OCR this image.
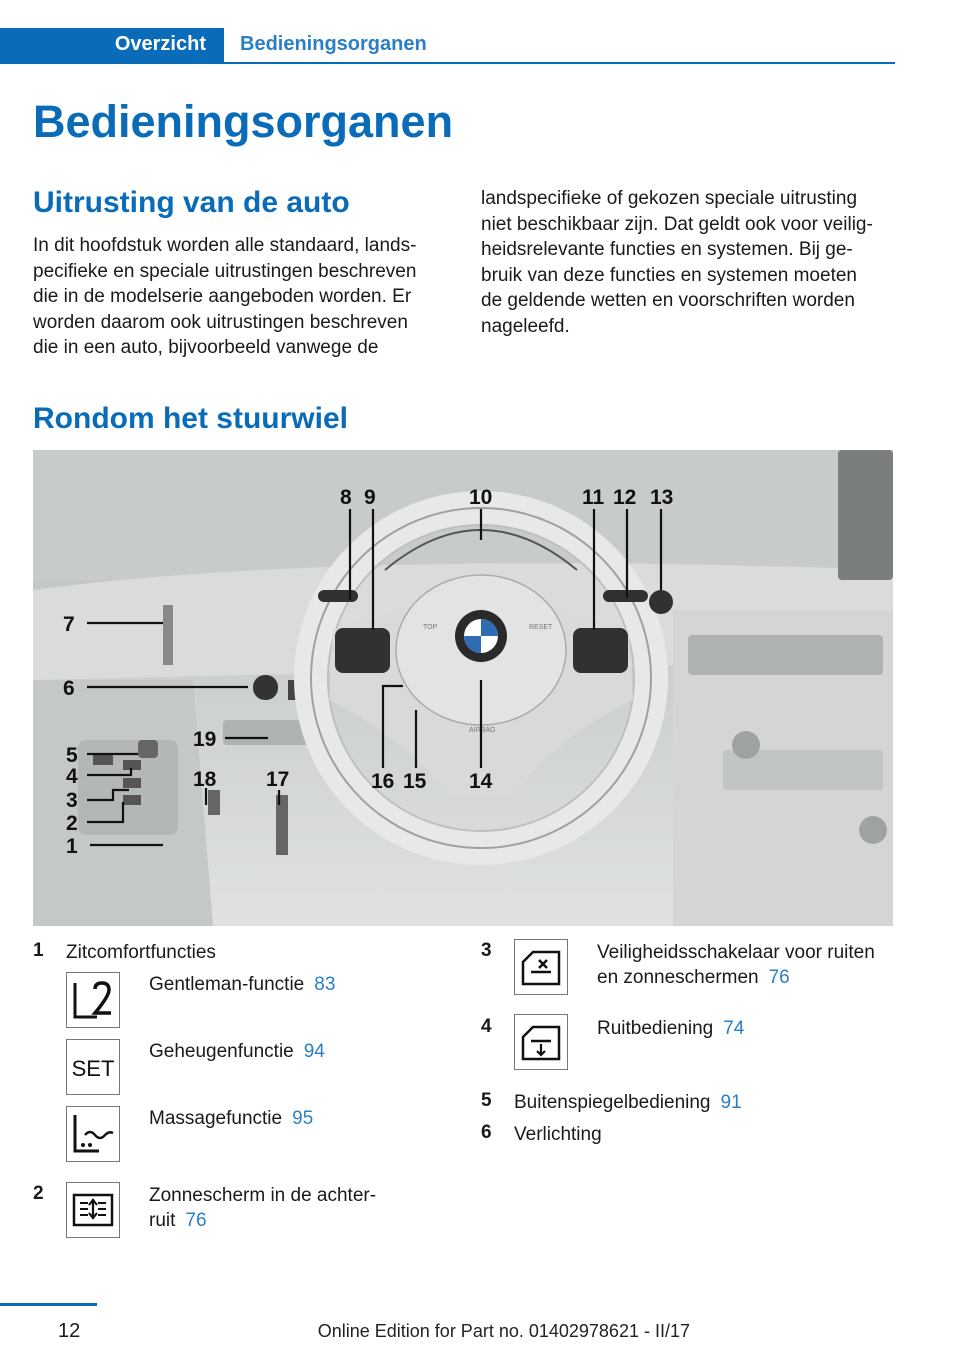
Overzicht Bedieningsorganen
Bedieningsorganen
Uitrusting van de auto
In dit hoofdstuk worden alle standaard, lands-
pecifieke en speciale uitrustingen beschreven
die in de modelserie aangeboden worden. Er
worden daarom ook uitrustingen beschreven
die in een auto, bijvoorbeeld vanwege de
landspecifieke of gekozen speciale uitrusting
niet beschikbaar zijn. Dat geldt ook voor veilig-
heidsrelevante functies en systemen. Bij ge-
bruik van deze functies en systemen moeten
de geldende wetten en voorschriften worden
nageleefd.
Rondom het stuurwiel
TOP	RESET
AIRBAG
1
2
3
4
5
6
7
8 9	10	11 12 13
14
15
16
17
18
19
1 Zitcomfortfuncties
Gentleman-functie 83
SET
Geheugenfunctie 94
Massagefunctie 95
2	Zonnescherm in de achter-
ruit 76
3	Veiligheidsschakelaar voor ruiten
en zonneschermen 76
4	Ruitbediening 74
5 Buitenspiegelbediening 91
6 Verlichting
12	Online Edition for Part no. 01402978621 - II/17
